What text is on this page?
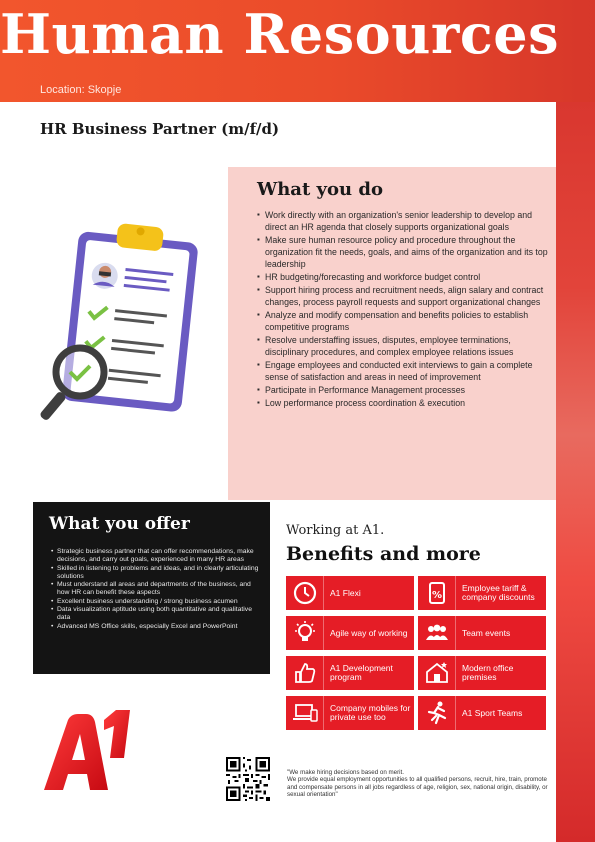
Human Resources
Location: Skopje
HR Business Partner (m/f/d)
What you do
▪ Work directly with an organization's senior leadership to develop and direct an HR agenda that closely supports organizational goals
▪ Make sure human resource policy and procedure throughout the organization fit the needs, goals, and aims of the organization and its top leadership
▪ HR budgeting/forecasting and workforce budget control
▪ Support hiring process and recruitment needs, align salary and contract changes, process payroll requests and support organizational changes
▪ Analyze and modify compensation and benefits policies to establish competitive programs
▪ Resolve understaffing issues, disputes, employee terminations, disciplinary procedures, and complex employee relations issues
▪ Engage employees and conducted exit interviews to gain a complete sense of satisfaction and areas in need of improvement
▪ Participate in Performance Management processes
▪ Low performance process coordination & execution
What you offer
• Strategic business partner that can offer recommendations, make decisions, and carry out goals, experienced in many HR areas
• Skilled in listening to problems and ideas, and in clearly articulating solutions
• Must understand all areas and departments of the business, and how HR can benefit these aspects
• Excellent business understanding / strong business acumen
• Data visualization aptitude using both quantitative and qualitative data
• Advanced MS Office skills, especially Excel and PowerPoint
Working at A1.
Benefits and more
A1 Flexi	%
Employee tariff & company discounts
Agile way of working	Team events
A1 Development program
Modern office premises
Company mobiles for private use too	A1 Sport Teams
"We make hiring decisions based on merit.
We provide equal employment opportunities to all qualified persons, recruit, hire, train, promote and compensate persons in all jobs regardless of age, religion, sex, national origin, disability, or sexual orientation"
